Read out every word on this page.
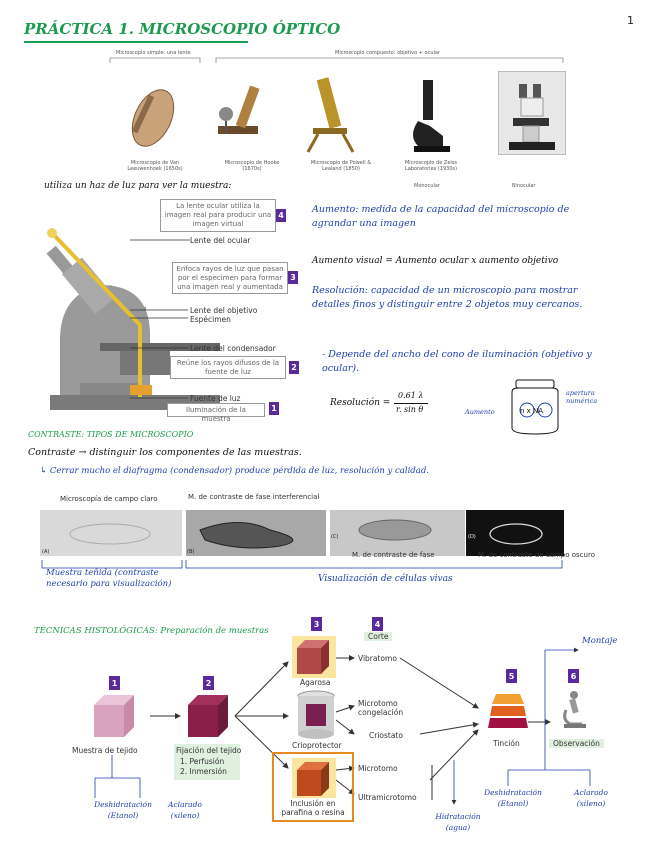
1
PRÁCTICA 1. MICROSCOPIO ÓPTICO
Microscopio simple: una lente	Microscopio compuesto: objetivo + ocular
Microscopio de Van Leeuwenhoek (1650s)
Microscopio de Hooke (1670s)
Microscopio de Powell & Lealand (1850)
Microscopio de Zeiss Laboratories (1930s)
Monocular	Binocular
utiliza un haz de luz para ver la muestra:
La lente ocular utiliza la imagen real para producir una imagen virtual
4
Lente del ocular
Enfoca rayos de luz que pasan por el especimen para formar una imagen real y aumentada
3
Lente del objetivo
Espécimen
Lente del condensador
Reúne los rayos difusos de la fuente de luz	2
Fuente de luz
Iluminación de la muestra
1
Aumento: medida de la capacidad del microscopio de agrandar una imagen
Aumento visual = Aumento ocular x aumento objetivo
Resolución: capacidad de un microscopio para mostrar detalles finos y distinguir entre 2 objetos muy cercanos.
- Depende del ancho del cono de iluminación (objetivo y ocular).
Resolución =
0.61 λ
r. sin θ	n x NA
Aumento
apertura numérica
CONTRASTE: TIPOS DE MICROSCOPIO
Contraste → distinguir los componentes de las muestras.
↳ Cerrar mucho el diafragma (condensador) produce pérdida de luz, resolución y calidad.
Microscopía de campo claro	M. de contraste de fase interferencial
(A)	(B)
(C)	(D)
M. de contraste de fase	M. de contraste de campo oscuro
Muestra teñida (contraste necesario para visualización)
Visualización de células vivas
TÉCNICAS HISTOLÓGICAS: Preparación de muestras
1	2
3	4
5	6
Muestra de tejido	Fijación del tejido
1. Perfusión
2. Inmersión
Agarosa
Crioprotector
Inclusión en parafina o resina
Corte
Vibratomo
Microtomo congelación
Criostato
Microtomo
Ultramicrotomo
Tinción	Observación
Montaje
Deshidratación (Etanol)
Aclarado (xileno)	Hidratación (agua)
Deshidratación (Etanol)
Aclarado (xileno)
